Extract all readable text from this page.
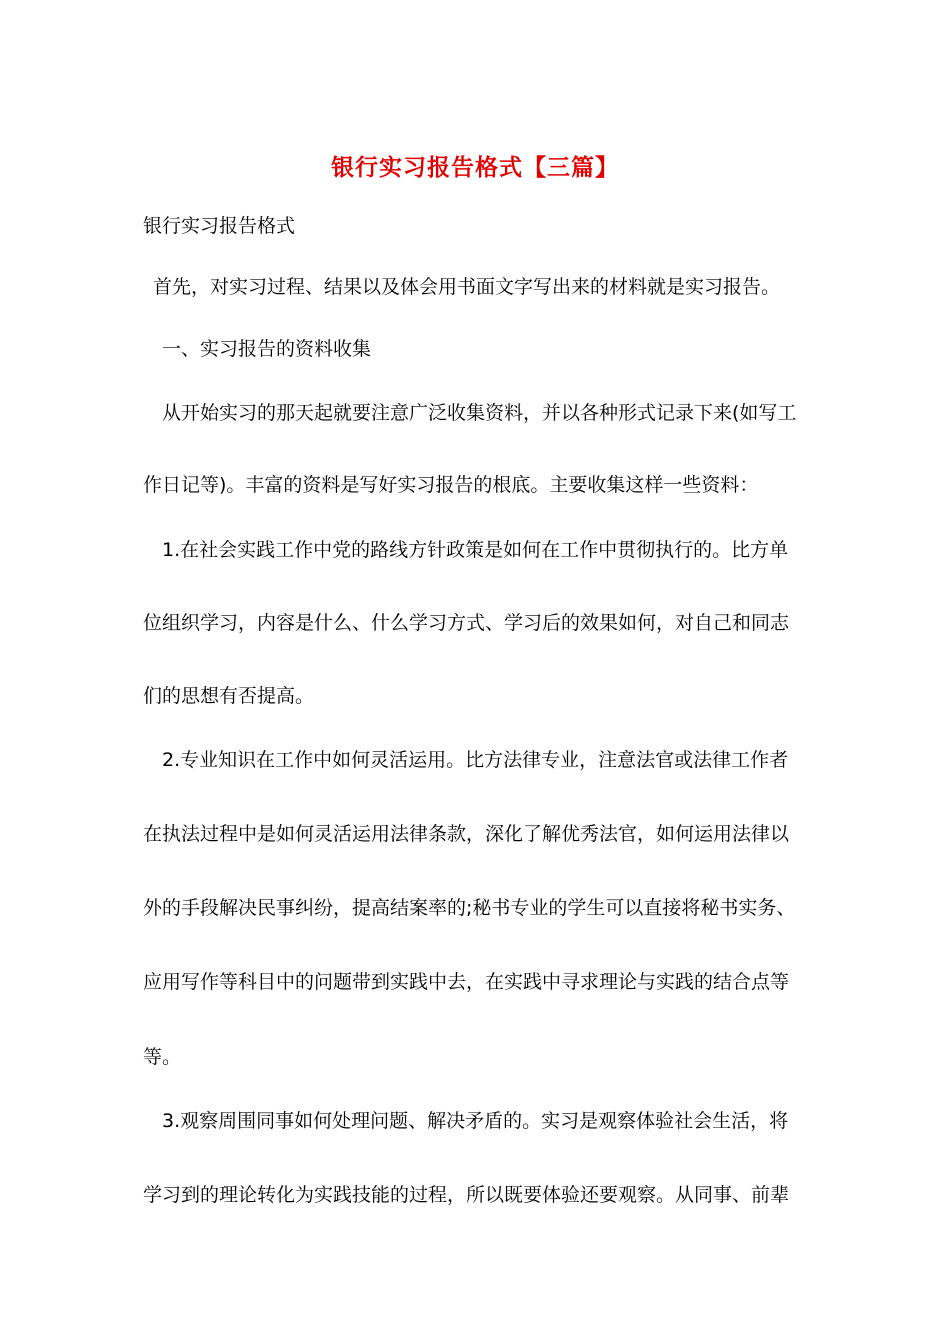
银行实习报告格式【三篇】
银行实习报告格式
首先，对实习过程、结果以及体会用书面文字写出来的材料就是实习报告。
一、实习报告的资料收集
从开始实习的那天起就要注意广泛收集资料，并以各种形式记录下来(如写工
作日记等)。丰富的资料是写好实习报告的根底。主要收集这样一些资料：
1.在社会实践工作中党的路线方针政策是如何在工作中贯彻执行的。比方单
位组织学习，内容是什么、什么学习方式、学习后的效果如何，对自己和同志
们的思想有否提高。
2.专业知识在工作中如何灵活运用。比方法律专业，注意法官或法律工作者
在执法过程中是如何灵活运用法律条款，深化了解优秀法官，如何运用法律以
外的手段解决民事纠纷，提高结案率的;秘书专业的学生可以直接将秘书实务、
应用写作等科目中的问题带到实践中去，在实践中寻求理论与实践的结合点等
等。
3.观察周围同事如何处理问题、解决矛盾的。实习是观察体验社会生活，将
学习到的理论转化为实践技能的过程，所以既要体验还要观察。从同事、前辈
